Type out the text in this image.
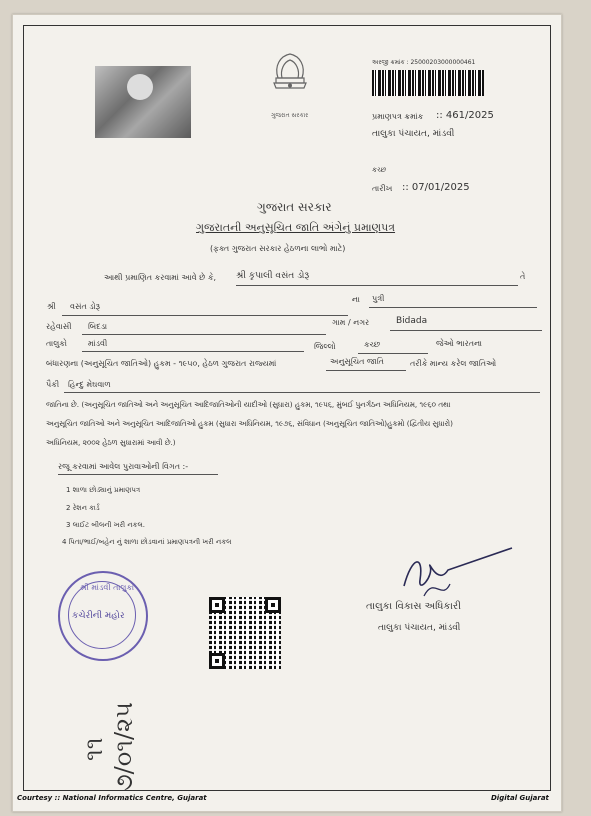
ગુજરાત સરકાર
અરજી ક્રમાંક : 25000203000000461
પ્રમાણપત્ર ક્રમાંક :: 461/2025
તાલુકા પંચાયત, માંડવી
કચ્છ
તારીખ :: 07/01/2025
ગુજરાત સરકાર
ગુજરાતની અનુસૂચિત જાતિ અંગેનું પ્રમાણપત્ર
(ફક્ત ગુજરાત સરકાર હેઠળના લાભો માટે)
આથી પ્રમાણિત કરવામાં આવે છે કે, શ્રી કૃપાલી વસંત ડોરૂ	તે
શ્રી વસંત ડોરૂ
ના પુત્રી
રહેવાસી બિદડા	ગામ / નગર	Bidada
તાલુકો	માંડવી	જિલ્લો	કચ્છ	જેઓ ભારતના
બંધારણના (અનુસૂચિત જાતિઓ) હુકમ - ૧૯૫૦, હેઠળ ગુજરાત રાજ્યમાં	અનુસૂચિત જાતિ	તરીકે માન્ય કરેલ જાતિઓ
પૈકી હિન્દુ મેઘવાળ
જાતિના છે. (અનુસૂચિત જાતિઓ અને અનુસૂચિત આદિજાતિઓની યાદીઓ (સુધારા) હુકમ, ૧૯૫૬, મુંબઈ પુનર્ગઠન અધિનિયમ, ૧૯૬૦ તથા
અનુસૂચિત જાતિઓ અને અનુસૂચિત આદિજાતિઓ હુકમ (સુધારા અધિનિયમ, ૧૯૭૬, સંવિધાન (અનુસૂચિત જાતિઓ)હુકમો (દ્વિતીય સુધારો)
અધિનિયમ, ૨૦૦૨ હેઠળ સુધારામાં આવી છે.)
રજૂ કરવામાં આવેલ પુરાવાઓની વિગત :-
1 શાળા છોડ્યાનું પ્રમાણપત્ર
2 રેશન કાર્ડ
3 લાઈટ બીલની ખરી નકલ.
4 પિતા/ભાઈ/બહેન નું શાળા છોડવાનાં પ્રમાણપત્રની ખરી નકલ
શ્રી માંડવી તાલુકા
કચેરીની મહોર
તાલુકા વિકાસ અધિકારી
તાલુકા પંચાયત, માંડવી
૧૧ ૭/૦૧/૨૫
Courtesy :: National Informatics Centre, Gujarat	Digital Gujarat
